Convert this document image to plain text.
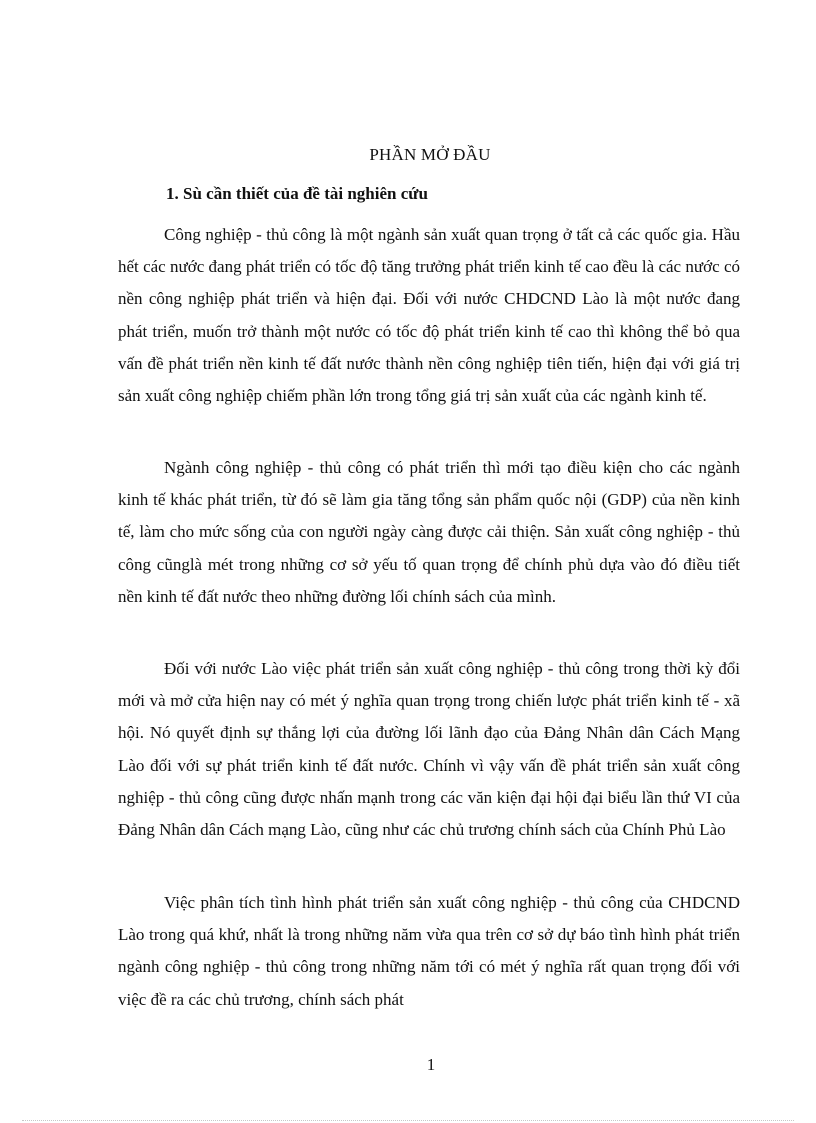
PHẦN MỞ ĐẦU
1. Sù cần thiết của đề tài nghiên cứu

Công nghiệp - thủ công là một ngành sản xuất quan trọng ở tất cả các quốc gia. Hầu hết các nước đang phát triển có tốc độ tăng trưởng phát triển kinh tế cao đều là các nước có nền công nghiệp phát triển và hiện đại. Đối với nước CHDCND Lào là một nước đang phát triển, muốn trở thành một nước có tốc độ phát triển kinh tế cao thì không thể bỏ qua vấn đề phát triển nền kinh tế đất nước thành nền công nghiệp tiên tiến, hiện đại với giá trị sản xuất công nghiệp chiếm phần lớn trong tổng giá trị sản xuất của các ngành kinh tế.

Ngành công nghiệp - thủ công có phát triển thì mới tạo điều kiện cho các ngành kinh tế khác phát triển, từ đó sẽ làm gia tăng tổng sản phẩm quốc nội (GDP) của nền kinh tế, làm cho mức sống của con người ngày càng được cải thiện. Sản xuất công nghiệp - thủ công cũnglà mét trong những cơ sở yếu tố quan trọng để chính phủ dựa vào đó điều tiết nền kinh tế đất nước theo những đường lối chính sách của mình.

Đối với nước Lào việc phát triển sản xuất công nghiệp - thủ công trong thời kỳ đổi mới và mở cửa hiện nay có mét ý nghĩa quan trọng trong chiến lược phát triển kinh tế - xã hội. Nó quyết định sự thắng lợi của đường lối lãnh đạo của Đảng Nhân dân Cách Mạng Lào đối với sự phát triển kinh tế đất nước. Chính vì vậy vấn đề phát triển sản xuất công nghiệp - thủ công cũng được nhấn mạnh trong các văn kiện đại hội đại biểu lần thứ VI của Đảng Nhân dân Cách mạng Lào, cũng như các chủ trương chính sách của Chính Phủ Lào

Việc phân tích tình hình phát triển sản xuất công nghiệp - thủ công của CHDCND Lào trong quá khứ, nhất là trong những năm vừa qua trên cơ sở dự báo tình hình phát triển ngành công nghiệp - thủ công trong những năm tới có mét ý nghĩa rất quan trọng đối với việc đề ra các chủ trương, chính sách phát

1
